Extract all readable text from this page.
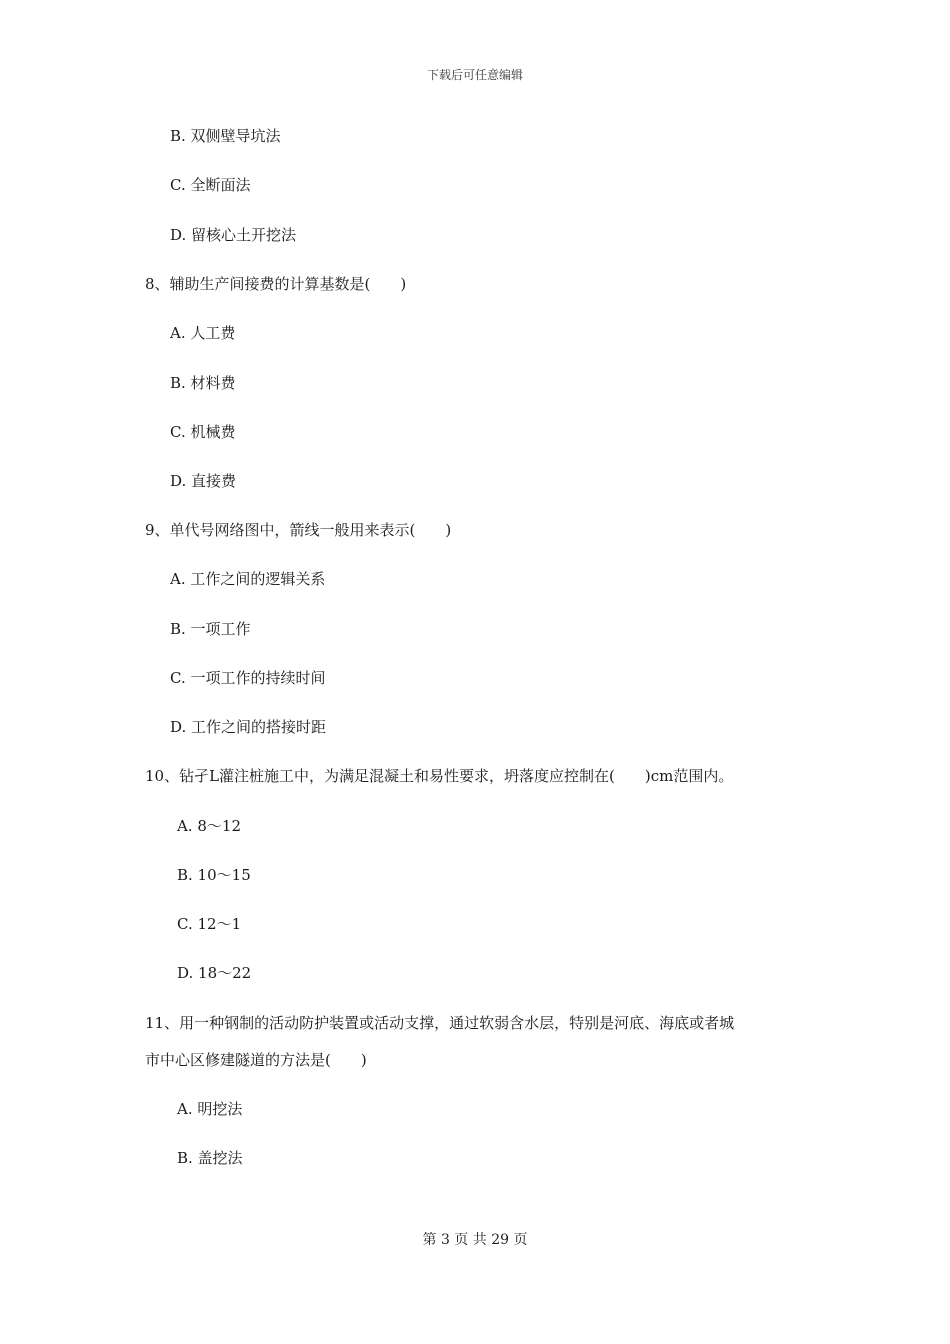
下载后可任意编辑
B. 双侧壁导坑法
C. 全断面法
D. 留核心土开挖法
8、辅助生产间接费的计算基数是(　　)
A. 人工费
B. 材料费
C. 机械费
D. 直接费
9、单代号网络图中，箭线一般用来表示(　　)
A. 工作之间的逻辑关系
B. 一项工作
C. 一项工作的持续时间
D. 工作之间的搭接时距
10、钻孑L灌注桩施工中，为满足混凝土和易性要求，坍落度应控制在(　　)cm范围内。
A. 8～12
B. 10～15
C. 12～1
D. 18～22
11、用一种钢制的活动防护装置或活动支撑，通过软弱含水层，特别是河底、海底或者城
市中心区修建隧道的方法是(　　)
A. 明挖法
B. 盖挖法
第 3 页 共 29 页
